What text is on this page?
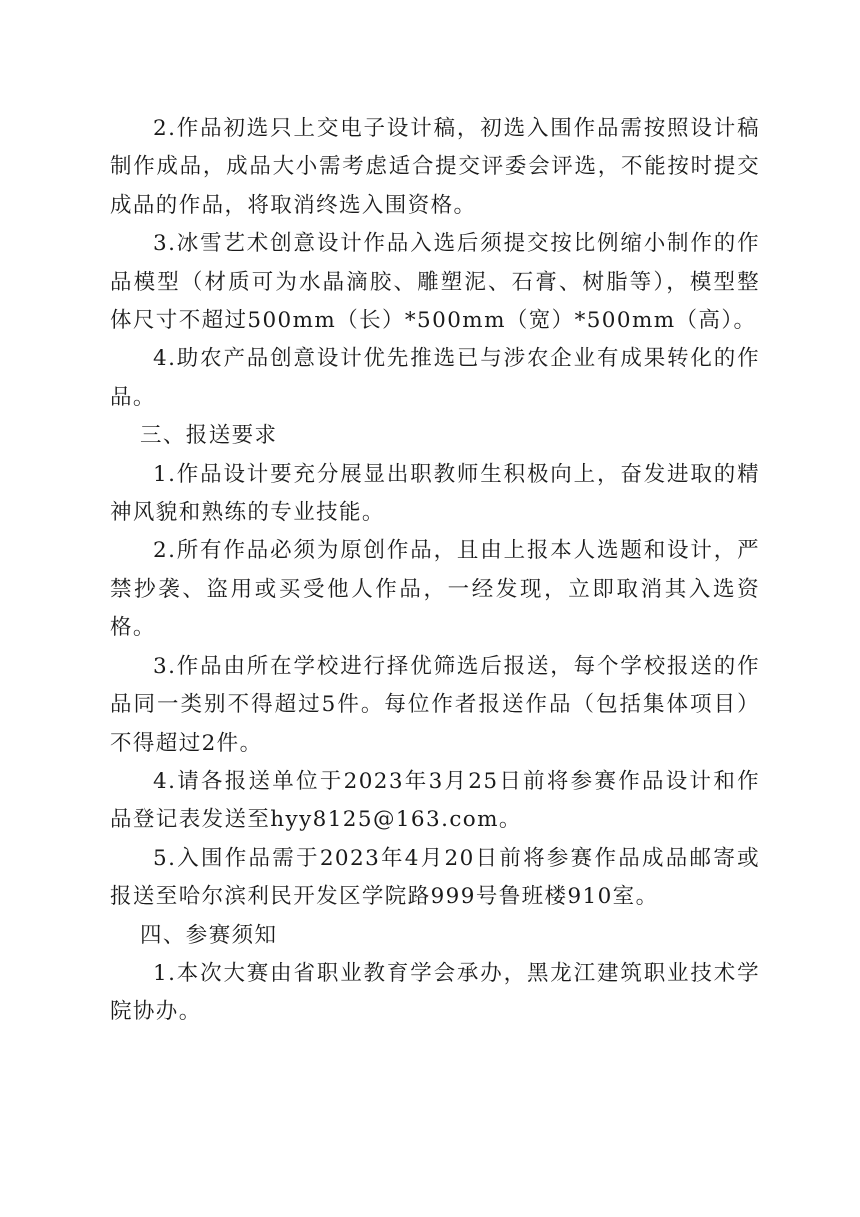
2.作品初选只上交电子设计稿，初选入围作品需按照设计稿制作成品，成品大小需考虑适合提交评委会评选，不能按时提交成品的作品，将取消终选入围资格。

3.冰雪艺术创意设计作品入选后须提交按比例缩小制作的作品模型（材质可为水晶滴胶、雕塑泥、石膏、树脂等），模型整体尺寸不超过500mm（长）*500mm（宽）*500mm（高）。

4.助农产品创意设计优先推选已与涉农企业有成果转化的作品。

三、报送要求

1.作品设计要充分展显出职教师生积极向上，奋发进取的精神风貌和熟练的专业技能。

2.所有作品必须为原创作品，且由上报本人选题和设计，严禁抄袭、盗用或买受他人作品，一经发现，立即取消其入选资格。

3.作品由所在学校进行择优筛选后报送，每个学校报送的作品同一类别不得超过5件。每位作者报送作品（包括集体项目）不得超过2件。

4.请各报送单位于2023年3月25日前将参赛作品设计和作品登记表发送至hyy8125@163.com。

5.入围作品需于2023年4月20日前将参赛作品成品邮寄或报送至哈尔滨利民开发区学院路999号鲁班楼910室。

四、参赛须知

1.本次大赛由省职业教育学会承办，黑龙江建筑职业技术学院协办。
